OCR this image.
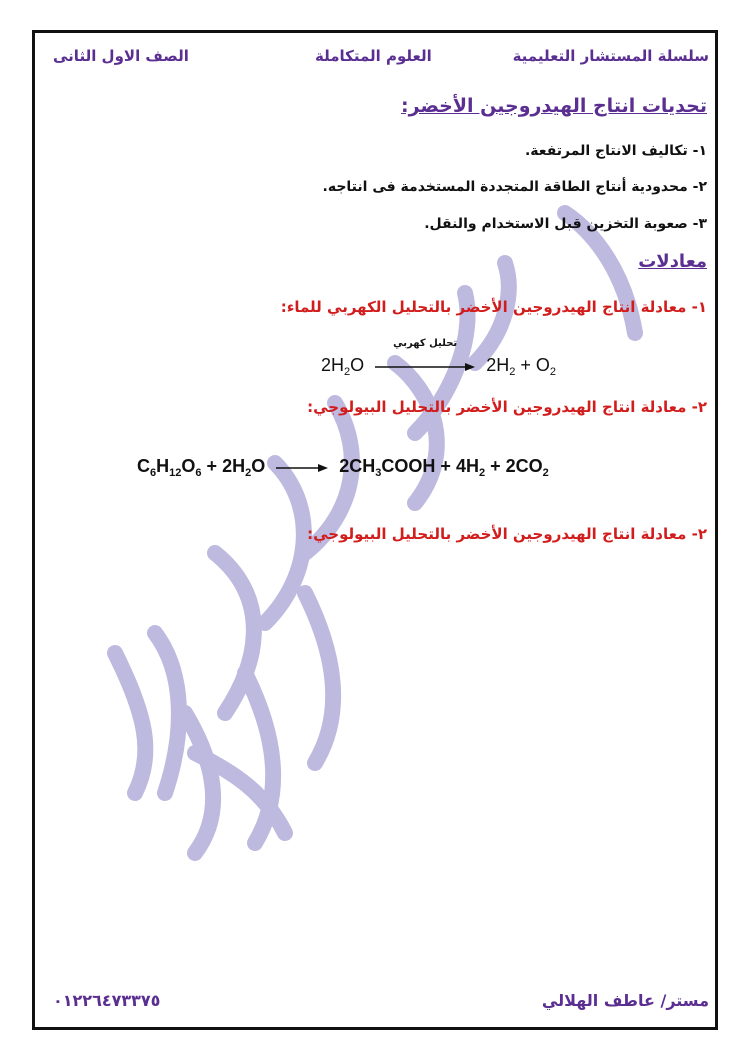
سلسلة المستشار التعليمية
العلوم المتكاملة
الصف الاول الثانى
تحديات انتاج الهيدروجين الأخضر:
١- تكاليف الانتاج المرتفعة.
٢- محدودية أنتاج الطاقة المتجددة المستخدمة فى انتاجه.
٣- صعوبة التخزين قبل الاستخدام والنقل.
معادلات
١- معادلة انتاج الهيدروجين الأخضر بالتحليل الكهربي للماء:
$2H_2O$
تحليل كهربي
$2H_2 + O_2$
٢- معادلة انتاج الهيدروجين الأخضر بالتحليل البيولوجي:
$C_6H_{12}O_6 + 2H_2O$	$2CH_3COOH + 4H_2 + 2CO_2$
٢- معادلة انتاج الهيدروجين الأخضر بالتحليل البيولوجي:
مستر/ عاطف الهلالي
٠١٢٢٦٤٧٣٣٧٥
